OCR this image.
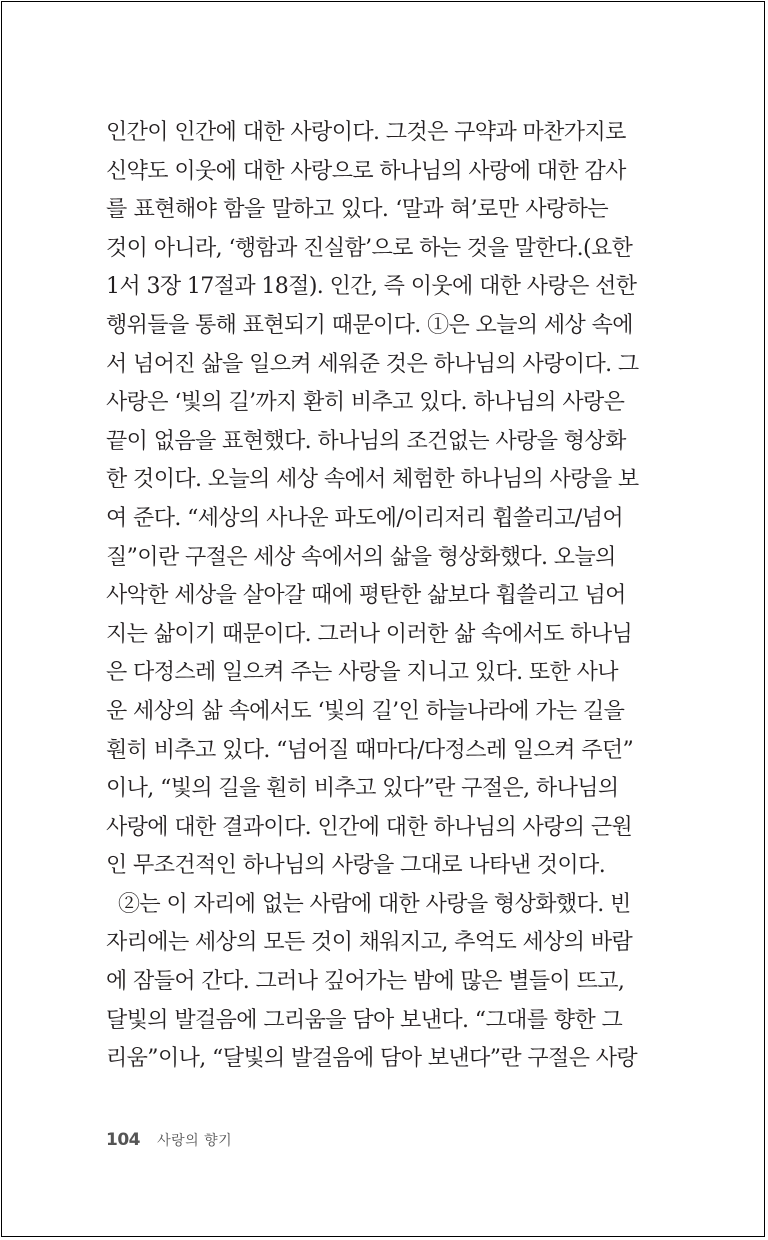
인간이 인간에 대한 사랑이다. 그것은 구약과 마찬가지로
신약도 이웃에 대한 사랑으로 하나님의 사랑에 대한 감사
를 표현해야 함을 말하고 있다. ‘말과 혀’로만 사랑하는
것이 아니라, ‘행함과 진실함’으로 하는 것을 말한다.(요한
1서 3장 17절과 18절). 인간, 즉 이웃에 대한 사랑은 선한
행위들을 통해 표현되기 때문이다. ①은 오늘의 세상 속에
서 넘어진 삶을 일으켜 세워준 것은 하나님의 사랑이다. 그
사랑은 ‘빛의 길’까지 환히 비추고 있다. 하나님의 사랑은
끝이 없음을 표현했다. 하나님의 조건없는 사랑을 형상화
한 것이다. 오늘의 세상 속에서 체험한 하나님의 사랑을 보
여 준다. “세상의 사나운 파도에/이리저리 휩쓸리고/넘어
질”이란 구절은 세상 속에서의 삶을 형상화했다. 오늘의
사악한 세상을 살아갈 때에 평탄한 삶보다 휩쓸리고 넘어
지는 삶이기 때문이다. 그러나 이러한 삶 속에서도 하나님
은 다정스레 일으켜 주는 사랑을 지니고 있다. 또한 사나
운 세상의 삶 속에서도 ‘빛의 길’인 하늘나라에 가는 길을
훤히 비추고 있다. “넘어질 때마다/다정스레 일으켜 주던”
이나, “빛의 길을 훤히 비추고 있다”란 구절은, 하나님의
사랑에 대한 결과이다. 인간에 대한 하나님의 사랑의 근원
인 무조건적인 하나님의 사랑을 그대로 나타낸 것이다.
②는 이 자리에 없는 사람에 대한 사랑을 형상화했다. 빈
자리에는 세상의 모든 것이 채워지고, 추억도 세상의 바람
에 잠들어 간다. 그러나 깊어가는 밤에 많은 별들이 뜨고,
달빛의 발걸음에 그리움을 담아 보낸다. “그대를 향한 그
리움”이나, “달빛의 발걸음에 담아 보낸다”란 구절은 사랑
104 사랑의 향기
